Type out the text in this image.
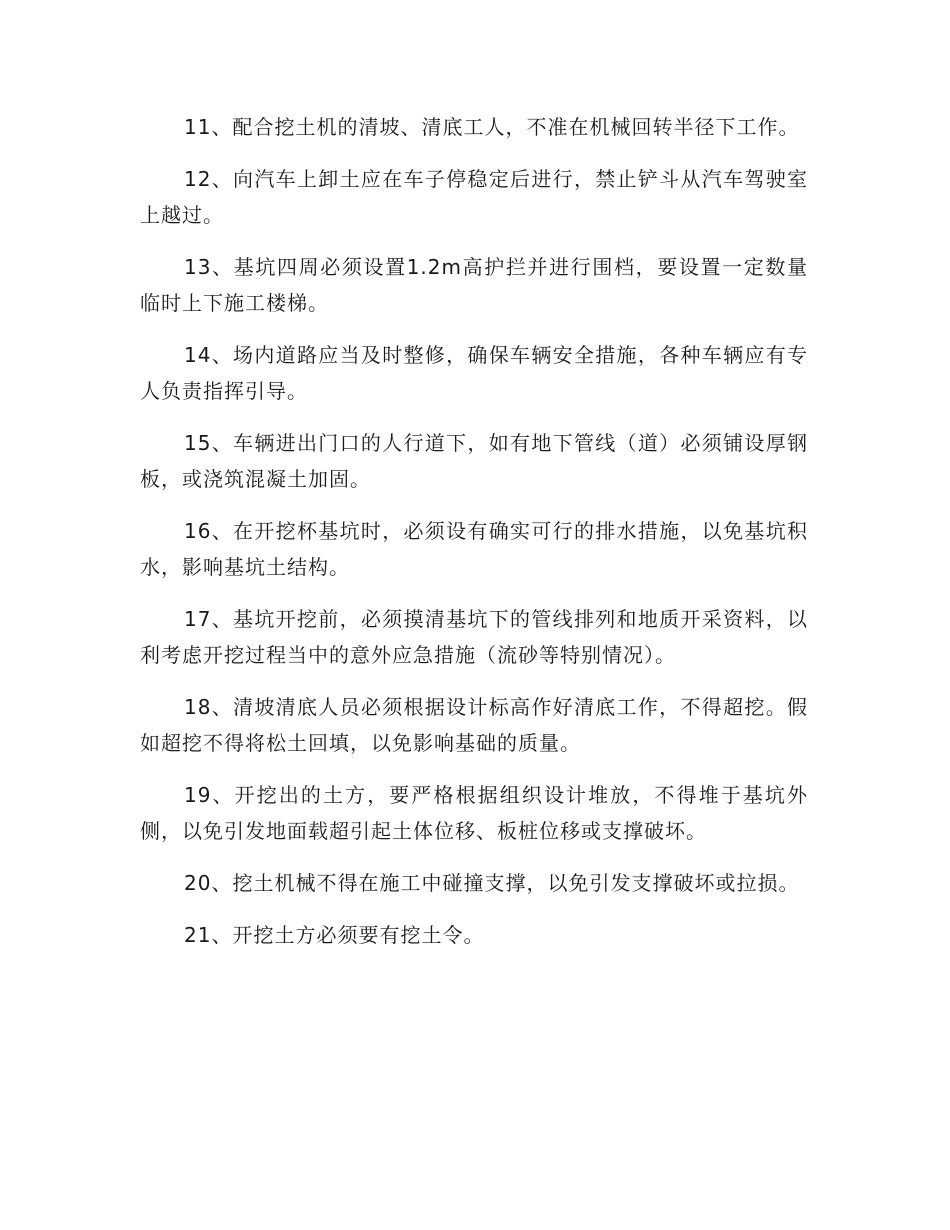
11、配合挖土机的清坡、清底工人，不准在机械回转半径下工作。

12、向汽车上卸土应在车子停稳定后进行，禁止铲斗从汽车驾驶室上越过。

13、基坑四周必须设置1.2m高护拦并进行围档，要设置一定数量临时上下施工楼梯。

14、场内道路应当及时整修，确保车辆安全措施，各种车辆应有专人负责指挥引导。

15、车辆进出门口的人行道下，如有地下管线（道）必须铺设厚钢板，或浇筑混凝土加固。

16、在开挖杯基坑时，必须设有确实可行的排水措施，以免基坑积水，影响基坑土结构。

17、基坑开挖前，必须摸清基坑下的管线排列和地质开采资料，以利考虑开挖过程当中的意外应急措施（流砂等特别情况）。

18、清坡清底人员必须根据设计标高作好清底工作，不得超挖。假如超挖不得将松土回填，以免影响基础的质量。

19、开挖出的土方，要严格根据组织设计堆放，不得堆于基坑外侧，以免引发地面载超引起土体位移、板桩位移或支撑破坏。

20、挖土机械不得在施工中碰撞支撑，以免引发支撑破坏或拉损。

21、开挖土方必须要有挖土令。
